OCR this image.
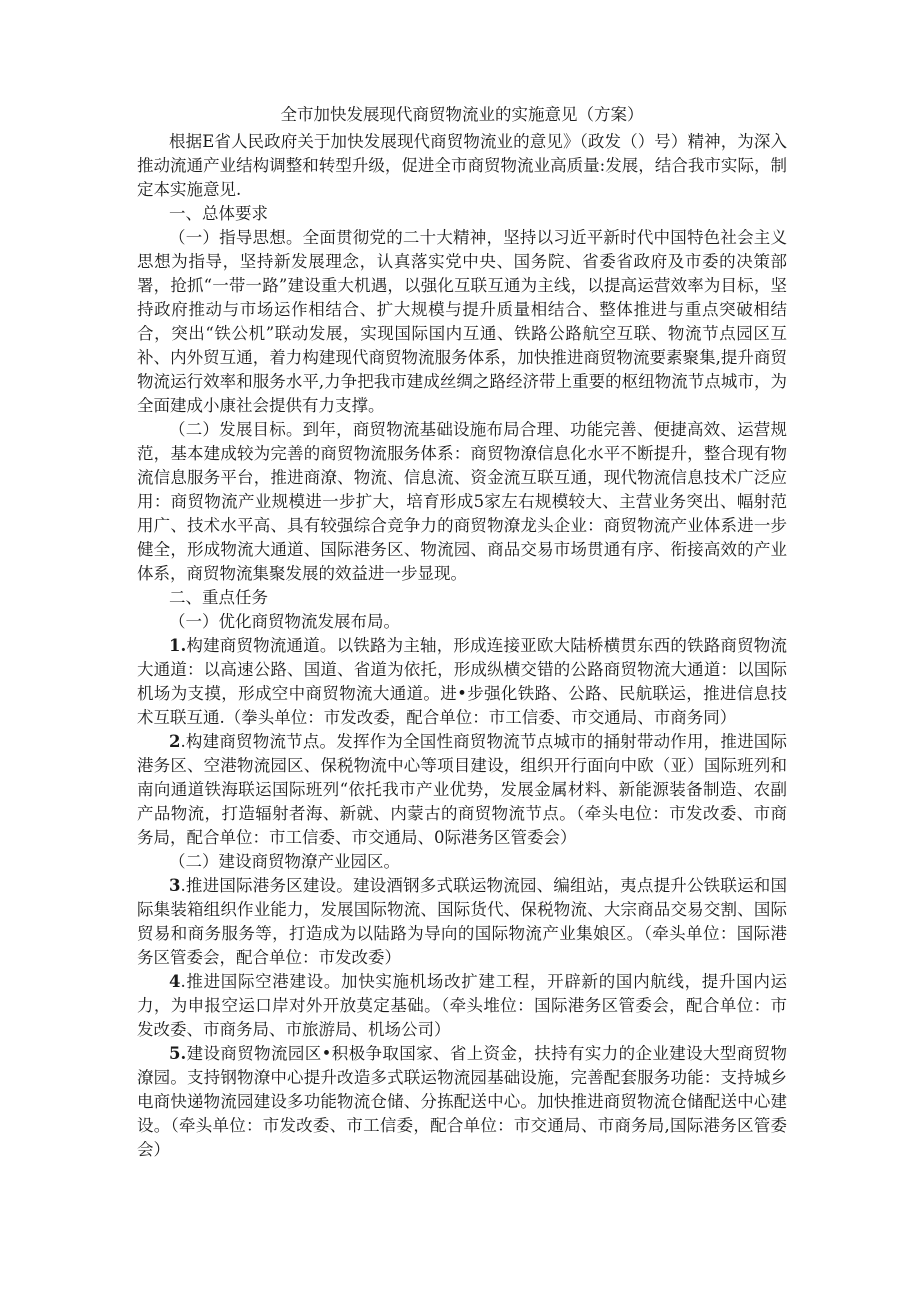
全市加快发展现代商贸物流业的实施意见（方案）

根据E省人民政府关于加快发展现代商贸物流业的意见》（政发（）号）精神，为深入推动流通产业结构调整和转型升级，促进全市商贸物流业高质量:发展，结合我市实际，制定本实施意见.

一、总体要求

（一）指导思想。全面贯彻党的二十大精神，坚持以习近平新时代中国特色社会主义思想为指导，坚持新发展理念，认真落实党中央、国务院、省委省政府及市委的决策部署，抢抓“一带一路”建设重大机遇，以强化互联互通为主线，以提高运营效率为目标，坚持政府推动与市场运作相结合、扩大规模与提升质量相结合、整体推进与重点突破相结合，突出“铁公机”联动发展，实现国际国内互通、铁路公路航空互联、物流节点园区互补、内外贸互通，着力构建现代商贸物流服务体系，加快推进商贸物流要素聚集,提升商贸物流运行效率和服务水平,力争把我市建成丝绸之路经济带上重要的枢纽物流节点城市，为全面建成小康社会提供有力支撑。

（二）发展目标。到年，商贸物流基础设施布局合理、功能完善、便捷高效、运营规范，基本建成较为完善的商贸物流服务体系：商贸物潦信息化水平不断提升，整合现有物流信息服务平台，推进商潦、物流、信息流、资金流互联互通，现代物流信息技术广泛应用：商贸物流产业规模进一步扩大，培育形成5家左右规模较大、主营业务突出、幅射范用广、技术水平高、具有较强综合竞争力的商贸物潦龙头企业：商贸物流产业体系进一步健全，形成物流大通道、国际港务区、物流园、商品交易市场贯通有序、衔接高效的产业体系，商贸物流集聚发展的效益进一步显现。

二、重点任务

（一）优化商贸物流发展布局。

1.构建商贸物流通道。以铁路为主轴，形成连接亚欧大陆桥横贯东西的铁路商贸物流大通道：以高速公路、国道、省道为依托，形成纵横交错的公路商贸物流大通道：以国际机场为支摸，形成空中商贸物流大通道。进•步强化铁路、公路、民航联运，推进信息技术互联互通.（拳头单位：市发改委，配合单位：市工信委、市交通局、市商务同）

2.构建商贸物流节点。发挥作为全国性商贸物流节点城市的捅射带动作用，推进国际港务区、空港物流园区、保税物流中心等项目建设，组织开行面向中欧（亚）国际班列和南向通道铁海联运国际班列“依托我市产业优势，发展金属材料、新能源装备制造、农副产品物流，打造辐射者海、新就、内蒙古的商贸物流节点。（牵头电位：市发改委、市商务局，配合单位：市工信委、市交通局、0际港务区管委会）

（二）建设商贸物潦产业园区。

3.推进国际港务区建设。建设酒钢多式联运物流园、编组站，夷点提升公铁联运和国际集装箱组织作业能力，发展国际物流、国际货代、保税物流、大宗商品交易交割、国际贸易和商务服务等，打造成为以陆路为导向的国际物流产业集娘区。（牵头单位：国际港务区管委会，配合单位：市发改委）

4.推进国际空港建设。加快实施机场改扩建工程，开辟新的国内航线，提升国内运力，为申报空运口岸对外开放莫定基础。（牵头堆位：国际港务区管委会，配合单位：市发改委、市商务局、市旅游局、机场公司）

5.建设商贸物流园区•积极争取国家、省上资金，扶持有实力的企业建设大型商贸物潦园。支持钢物潦中心提升改造多式联运物流园基础设施，完善配套服务功能：支持城乡电商快递物流园建设多功能物流仓储、分拣配送中心。加快推进商贸物流仓储配送中心建设。（牵头单位：市发改委、市工信委，配合单位：市交通局、市商务局,国际港务区管委会）
